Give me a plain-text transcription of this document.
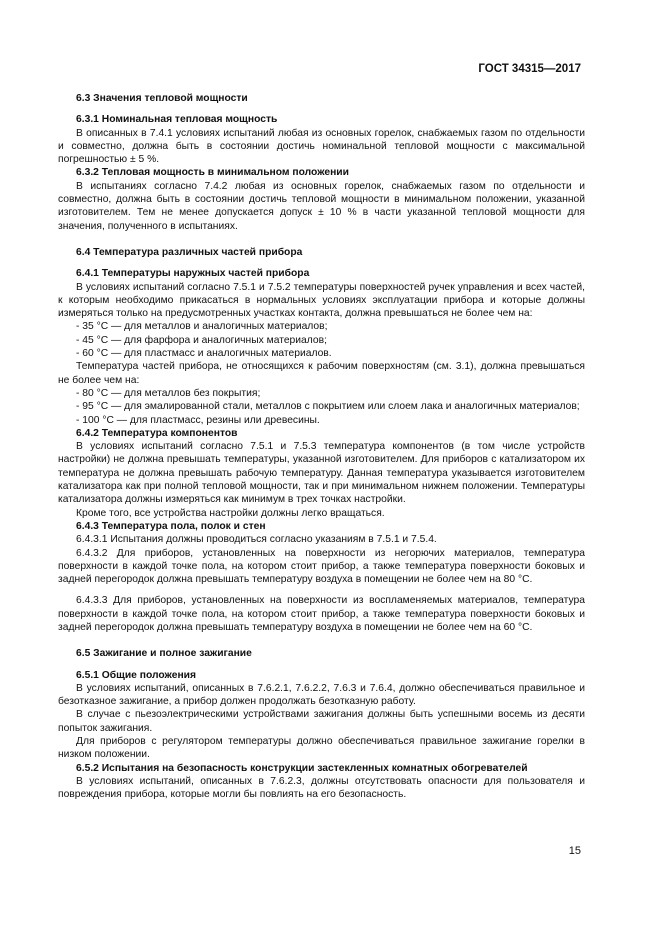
ГОСТ 34315—2017

6.3 Значения тепловой мощности

6.3.1 Номинальная тепловая мощность

В описанных в 7.4.1 условиях испытаний любая из основных горелок, снабжаемых газом по отдельности и совместно, должна быть в состоянии достичь номинальной тепловой мощности с максимальной погрешностью ± 5 %.

6.3.2 Тепловая мощность в минимальном положении

В испытаниях согласно 7.4.2 любая из основных горелок, снабжаемых газом по отдельности и совместно, должна быть в состоянии достичь тепловой мощности в минимальном положении, указанной изготовителем. Тем не менее допускается допуск ± 10 % в части указанной тепловой мощности для значения, полученного в испытаниях.

6.4 Температура различных частей прибора

6.4.1 Температуры наружных частей прибора

В условиях испытаний согласно 7.5.1 и 7.5.2 температуры поверхностей ручек управления и всех частей, к которым необходимо прикасаться в нормальных условиях эксплуатации прибора и которые должны измеряться только на предусмотренных участках контакта, должна превышаться не более чем на:

- 35 °С — для металлов и аналогичных материалов;

- 45 °С — для фарфора и аналогичных материалов;

- 60 °С — для пластмасс и аналогичных материалов.

Температура частей прибора, не относящихся к рабочим поверхностям (см. 3.1), должна превышаться не более чем на:

- 80 °С — для металлов без покрытия;

- 95 °С — для эмалированной стали, металлов с покрытием или слоем лака и аналогичных материалов;

- 100 °С — для пластмасс, резины или древесины.

6.4.2 Температура компонентов

В условиях испытаний согласно 7.5.1 и 7.5.3 температура компонентов (в том числе устройств настройки) не должна превышать температуры, указанной изготовителем. Для приборов с катализатором их температура не должна превышать рабочую температуру. Данная температура указывается изготовителем катализатора как при полной тепловой мощности, так и при минимальном нижнем положении. Температуры катализатора должны измеряться как минимум в трех точках настройки.

Кроме того, все устройства настройки должны легко вращаться.

6.4.3 Температура пола, полок и стен

6.4.3.1 Испытания должны проводиться согласно указаниям в 7.5.1 и 7.5.4.

6.4.3.2 Для приборов, установленных на поверхности из негорючих материалов, температура поверхности в каждой точке пола, на котором стоит прибор, а также температура поверхности боковых и задней перегородок должна превышать температуру воздуха в помещении не более чем на 80 °С.

6.4.3.3 Для приборов, установленных на поверхности из воспламеняемых материалов, температура поверхности в каждой точке пола, на котором стоит прибор, а также температура поверхности боковых и задней перегородок должна превышать температуру воздуха в помещении не более чем на 60 °С.

6.5 Зажигание и полное зажигание

6.5.1 Общие положения

В условиях испытаний, описанных в 7.6.2.1, 7.6.2.2, 7.6.3 и 7.6.4, должно обеспечиваться правильное и безотказное зажигание, а прибор должен продолжать безотказную работу.

В случае с пьезоэлектрическими устройствами зажигания должны быть успешными восемь из десяти попыток зажигания.

Для приборов с регулятором температуры должно обеспечиваться правильное зажигание горелки в низком положении.

6.5.2 Испытания на безопасность конструкции застекленных комнатных обогревателей

В условиях испытаний, описанных в 7.6.2.3, должны отсутствовать опасности для пользователя и повреждения прибора, которые могли бы повлиять на его безопасность.

15
